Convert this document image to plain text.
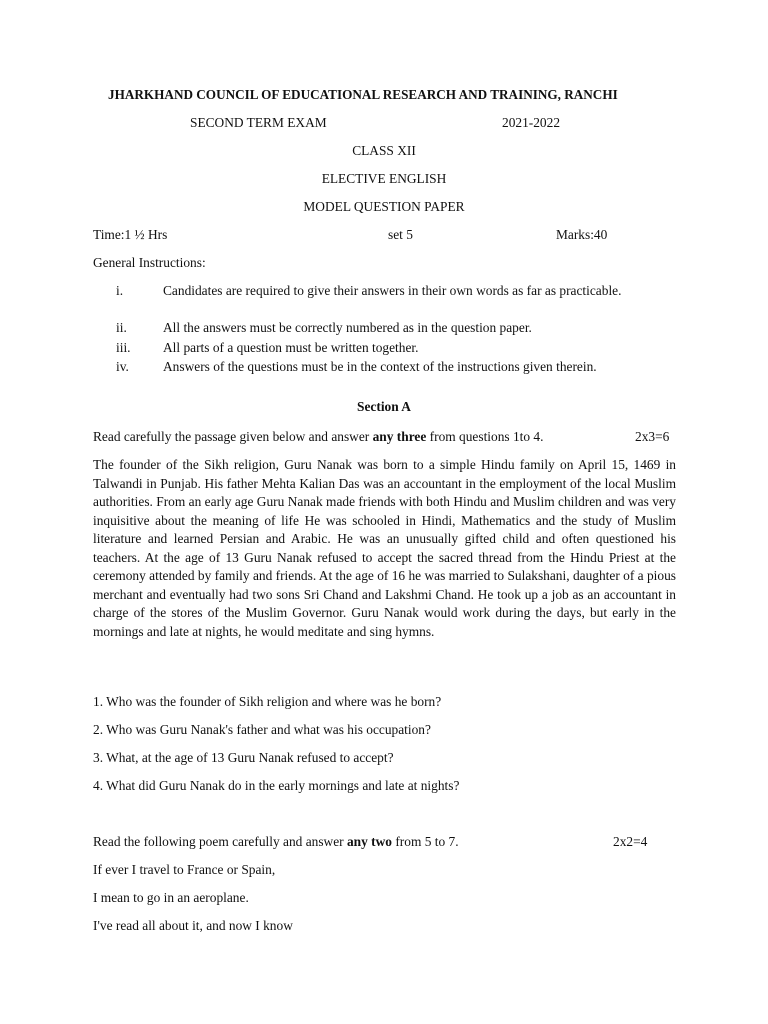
JHARKHAND COUNCIL OF EDUCATIONAL RESEARCH AND TRAINING, RANCHI
SECOND TERM EXAM	2021-2022
CLASS XII
ELECTIVE ENGLISH
MODEL QUESTION PAPER
Time:1 ½ Hrs	set 5	Marks:40
General Instructions:
i.	Candidates are required to give their answers in their own words as far as practicable.
ii.	All the answers must be correctly numbered as in the question paper.
iii. All parts of a question must be written together.
iv.	Answers of the questions must be in the context of the instructions given therein.
Section A
Read carefully the passage given below and answer any three from questions 1to 4.	2x3=6
The founder of the Sikh religion, Guru Nanak was born to a simple Hindu family on April 15, 1469 in Talwandi in Punjab. His father Mehta Kalian Das was an accountant in the employment of the local Muslim authorities. From an early age Guru Nanak made friends with both Hindu and Muslim children and was very inquisitive about the meaning of life He was schooled in Hindi, Mathematics and the study of Muslim literature and learned Persian and Arabic. He was an unusually gifted child and often questioned his teachers. At the age of 13 Guru Nanak refused to accept the sacred thread from the Hindu Priest at the ceremony attended by family and friends. At the age of 16 he was married to Sulakshani, daughter of a pious merchant and eventually had two sons Sri Chand and Lakshmi Chand. He took up a job as an accountant in charge of the stores of the Muslim Governor. Guru Nanak would work during the days, but early in the mornings and late at nights, he would meditate and sing hymns.
1. Who was the founder of Sikh religion and where was he born?
2. Who was Guru Nanak's father and what was his occupation?
3. What, at the age of 13 Guru Nanak refused to accept?
4. What did Guru Nanak do in the early mornings and late at nights?
Read the following poem carefully and answer any two from 5 to 7.	2x2=4
If ever I travel to France or Spain,
I mean to go in an aeroplane.
I've read all about it, and now I know
